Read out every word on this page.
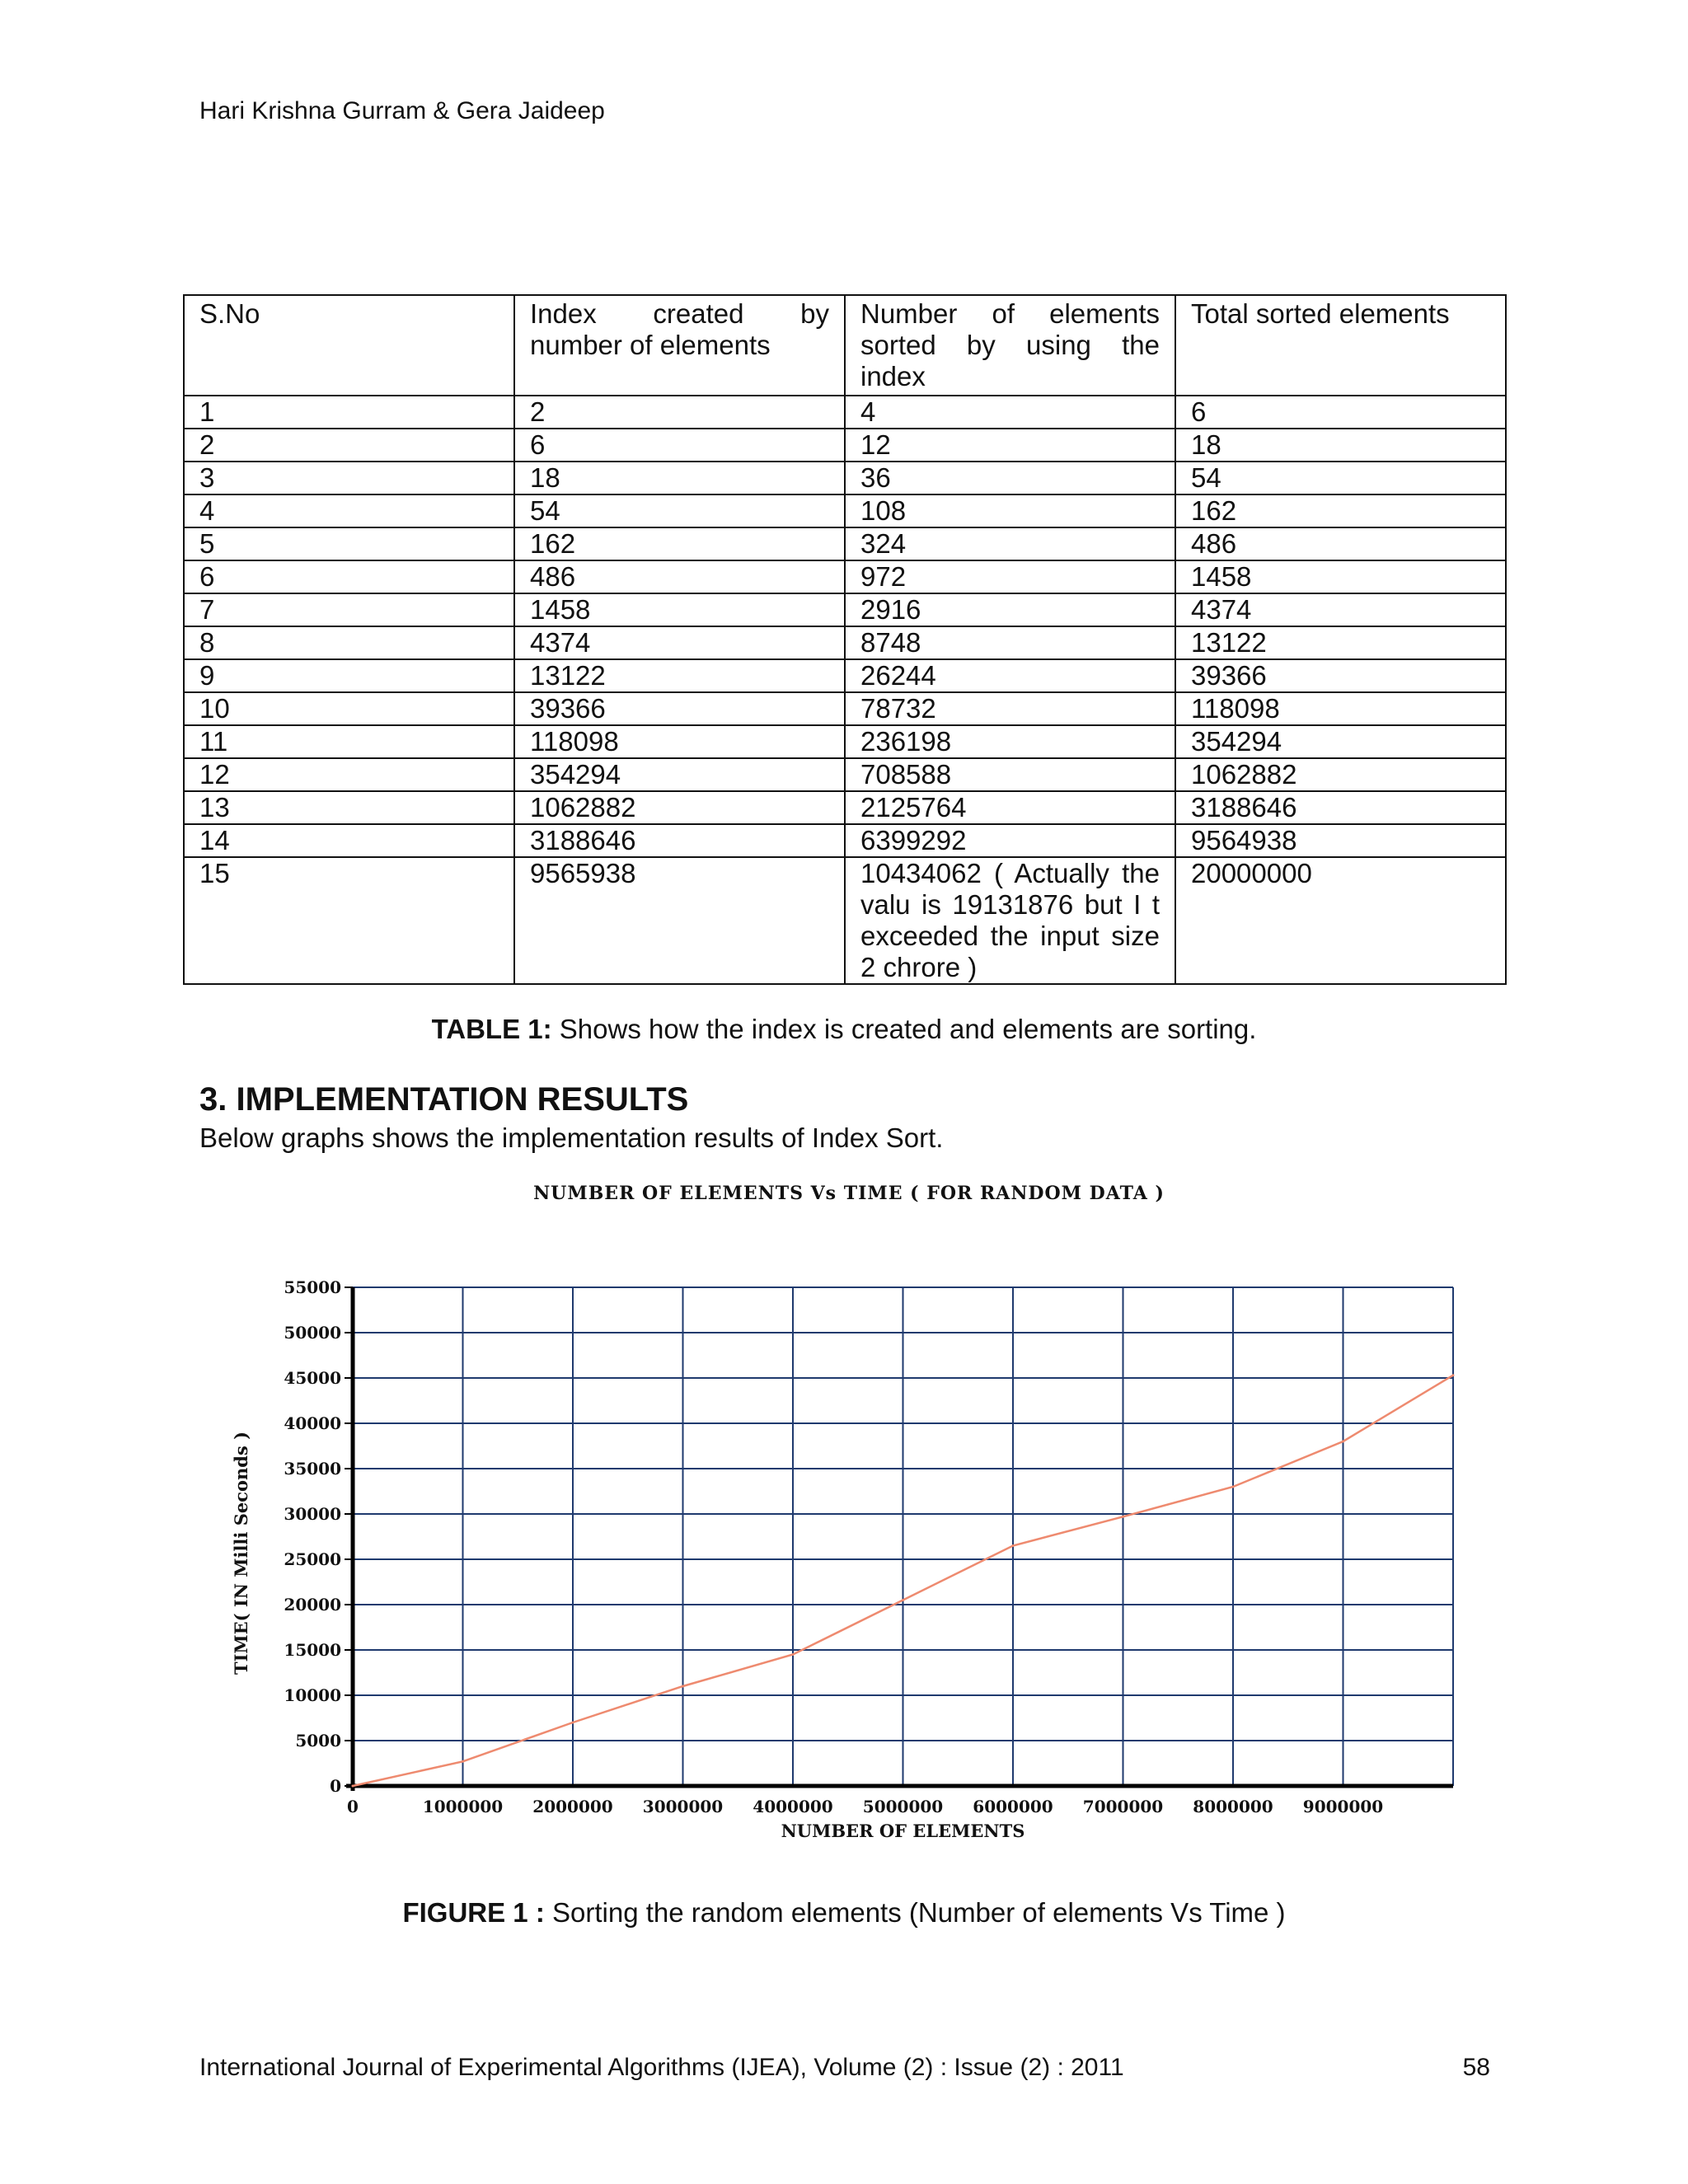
Hari Krishna Gurram & Gera Jaideep
S.No	Index created by number of elements	Number of elements sorted by using the index	Total sorted elements
1	2	4	6
2	6	12	18
3	18	36	54
4	54	108	162
5	162	324	486
6	486	972	1458
7	1458	2916	4374
8	4374	8748	13122
9	13122	26244	39366
10	39366	78732	118098
11	118098	236198	354294
12	354294	708588	1062882
13	1062882	2125764	3188646
14	3188646	6399292	9564938
15	9565938	10434062 ( Actually the valu is 19131876 but I t exceeded the input size 2 chrore )	20000000
TABLE 1: Shows how the index is created and elements are sorting.
3. IMPLEMENTATION RESULTS
Below graphs shows the implementation results of Index Sort.
NUMBER OF ELEMENTS Vs TIME ( FOR RANDOM DATA )
0
5000
10000
15000
20000
25000
30000
35000
40000
45000
50000
55000
0	1000000 2000000 3000000 4000000 5000000 6000000 7000000 8000000 9000000
NUMBER OF ELEMENTS
TIME( IN Milli Seconds )
FIGURE 1 : Sorting the random elements (Number of elements Vs Time )
International Journal of Experimental Algorithms (IJEA), Volume (2) : Issue (2) : 2011	58
